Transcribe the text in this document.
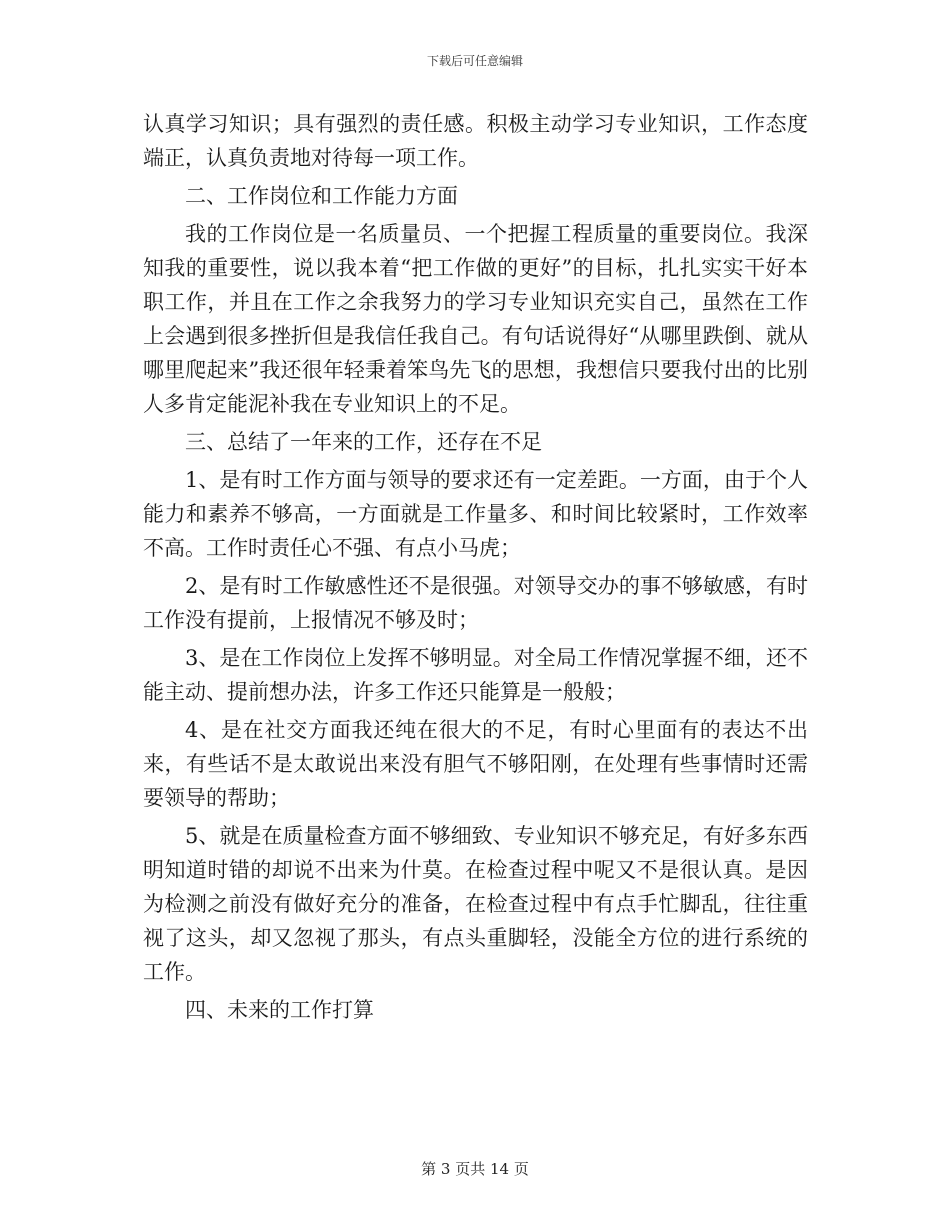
下载后可任意编辑

认真学习知识；具有强烈的责任感。积极主动学习专业知识，工作态度端正，认真负责地对待每一项工作。

二、工作岗位和工作能力方面

我的工作岗位是一名质量员、一个把握工程质量的重要岗位。我深知我的重要性，说以我本着“把工作做的更好”的目标，扎扎实实干好本职工作，并且在工作之余我努力的学习专业知识充实自己，虽然在工作上会遇到很多挫折但是我信任我自己。有句话说得好“从哪里跌倒、就从哪里爬起来”我还很年轻秉着笨鸟先飞的思想，我想信只要我付出的比别人多肯定能泥补我在专业知识上的不足。

三、总结了一年来的工作，还存在不足

1、是有时工作方面与领导的要求还有一定差距。一方面，由于个人能力和素养不够高，一方面就是工作量多、和时间比较紧时，工作效率不高。工作时责任心不强、有点小马虎；

2、是有时工作敏感性还不是很强。对领导交办的事不够敏感，有时工作没有提前，上报情况不够及时；

3、是在工作岗位上发挥不够明显。对全局工作情况掌握不细，还不能主动、提前想办法，许多工作还只能算是一般般；

4、是在社交方面我还纯在很大的不足，有时心里面有的表达不出来，有些话不是太敢说出来没有胆气不够阳刚，在处理有些事情时还需要领导的帮助；

5、就是在质量检查方面不够细致、专业知识不够充足，有好多东西明知道时错的却说不出来为什莫。在检查过程中呢又不是很认真。是因为检测之前没有做好充分的准备，在检查过程中有点手忙脚乱，往往重视了这头，却又忽视了那头，有点头重脚轻，没能全方位的进行系统的工作。

四、未来的工作打算

第 3 页共 14 页
